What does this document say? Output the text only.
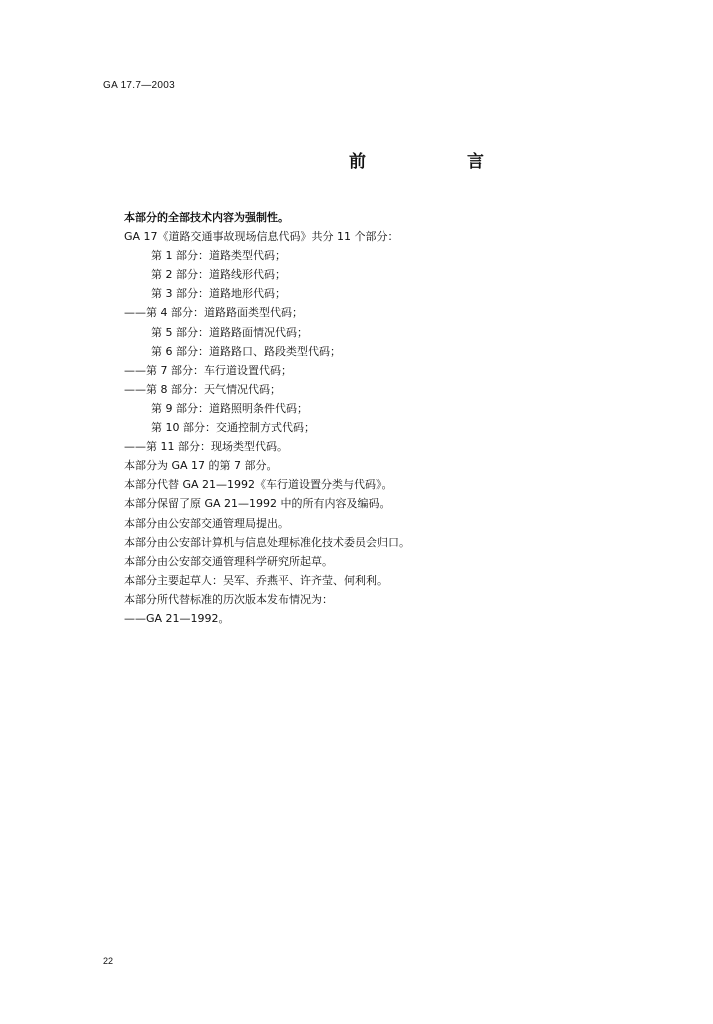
GA 17.7—2003
前　言
本部分的全部技术内容为强制性。
GA 17《道路交通事故现场信息代码》共分 11 个部分：
第 1 部分：道路类型代码；
第 2 部分：道路线形代码；
第 3 部分：道路地形代码；
——第 4 部分：道路路面类型代码；
第 5 部分：道路路面情况代码；
第 6 部分：道路路口、路段类型代码；
——第 7 部分：车行道设置代码；
——第 8 部分：天气情况代码；
第 9 部分：道路照明条件代码；
第 10 部分：交通控制方式代码；
——第 11 部分：现场类型代码。
本部分为 GA 17 的第 7 部分。
本部分代替 GA 21—1992《车行道设置分类与代码》。
本部分保留了原 GA 21—1992 中的所有内容及编码。
本部分由公安部交通管理局提出。
本部分由公安部计算机与信息处理标准化技术委员会归口。
本部分由公安部交通管理科学研究所起草。
本部分主要起草人：吴军、乔燕平、许齐莹、何利利。
本部分所代替标准的历次版本发布情况为：
——GA 21—1992。
22
